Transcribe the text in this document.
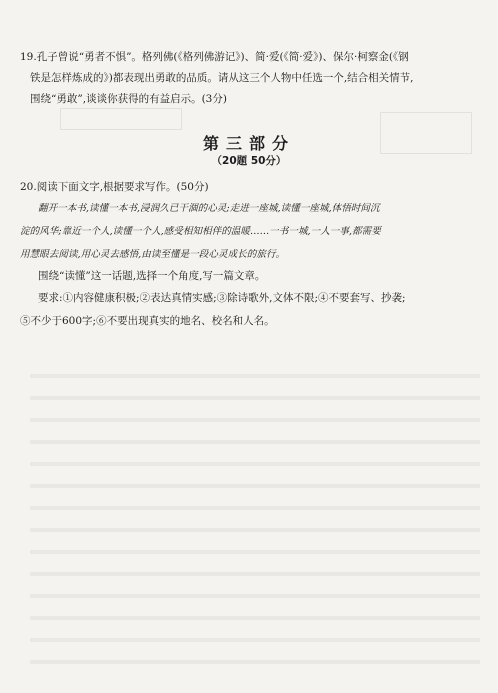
19.孔子曾说“勇者不惧”。格列佛(《格列佛游记》)、简·爱(《简·爱》)、保尔·柯察金(《钢

铁是怎样炼成的》)都表现出勇敢的品质。请从这三个人物中任选一个,结合相关情节,
围绕“勇敢”,谈谈你获得的有益启示。(3分)
第三部分
（20题 50分）
20.阅读下面文字,根据要求写作。(50分)
翻开一本书,读懂一本书,浸润久已干涸的心灵;走进一座城,读懂一座城,体悟时间沉
淀的风华;靠近一个人,读懂一个人,感受相知相伴的温暖……一书一城,一人一事,都需要
用慧眼去阅读,用心灵去感悟,由读至懂是一段心灵成长的旅行。
围绕“读懂”这一话题,选择一个角度,写一篇文章。
要求:①内容健康积极;②表达真情实感;③除诗歌外,文体不限;④不要套写、抄袭;
⑤不少于600字;⑥不要出现真实的地名、校名和人名。
